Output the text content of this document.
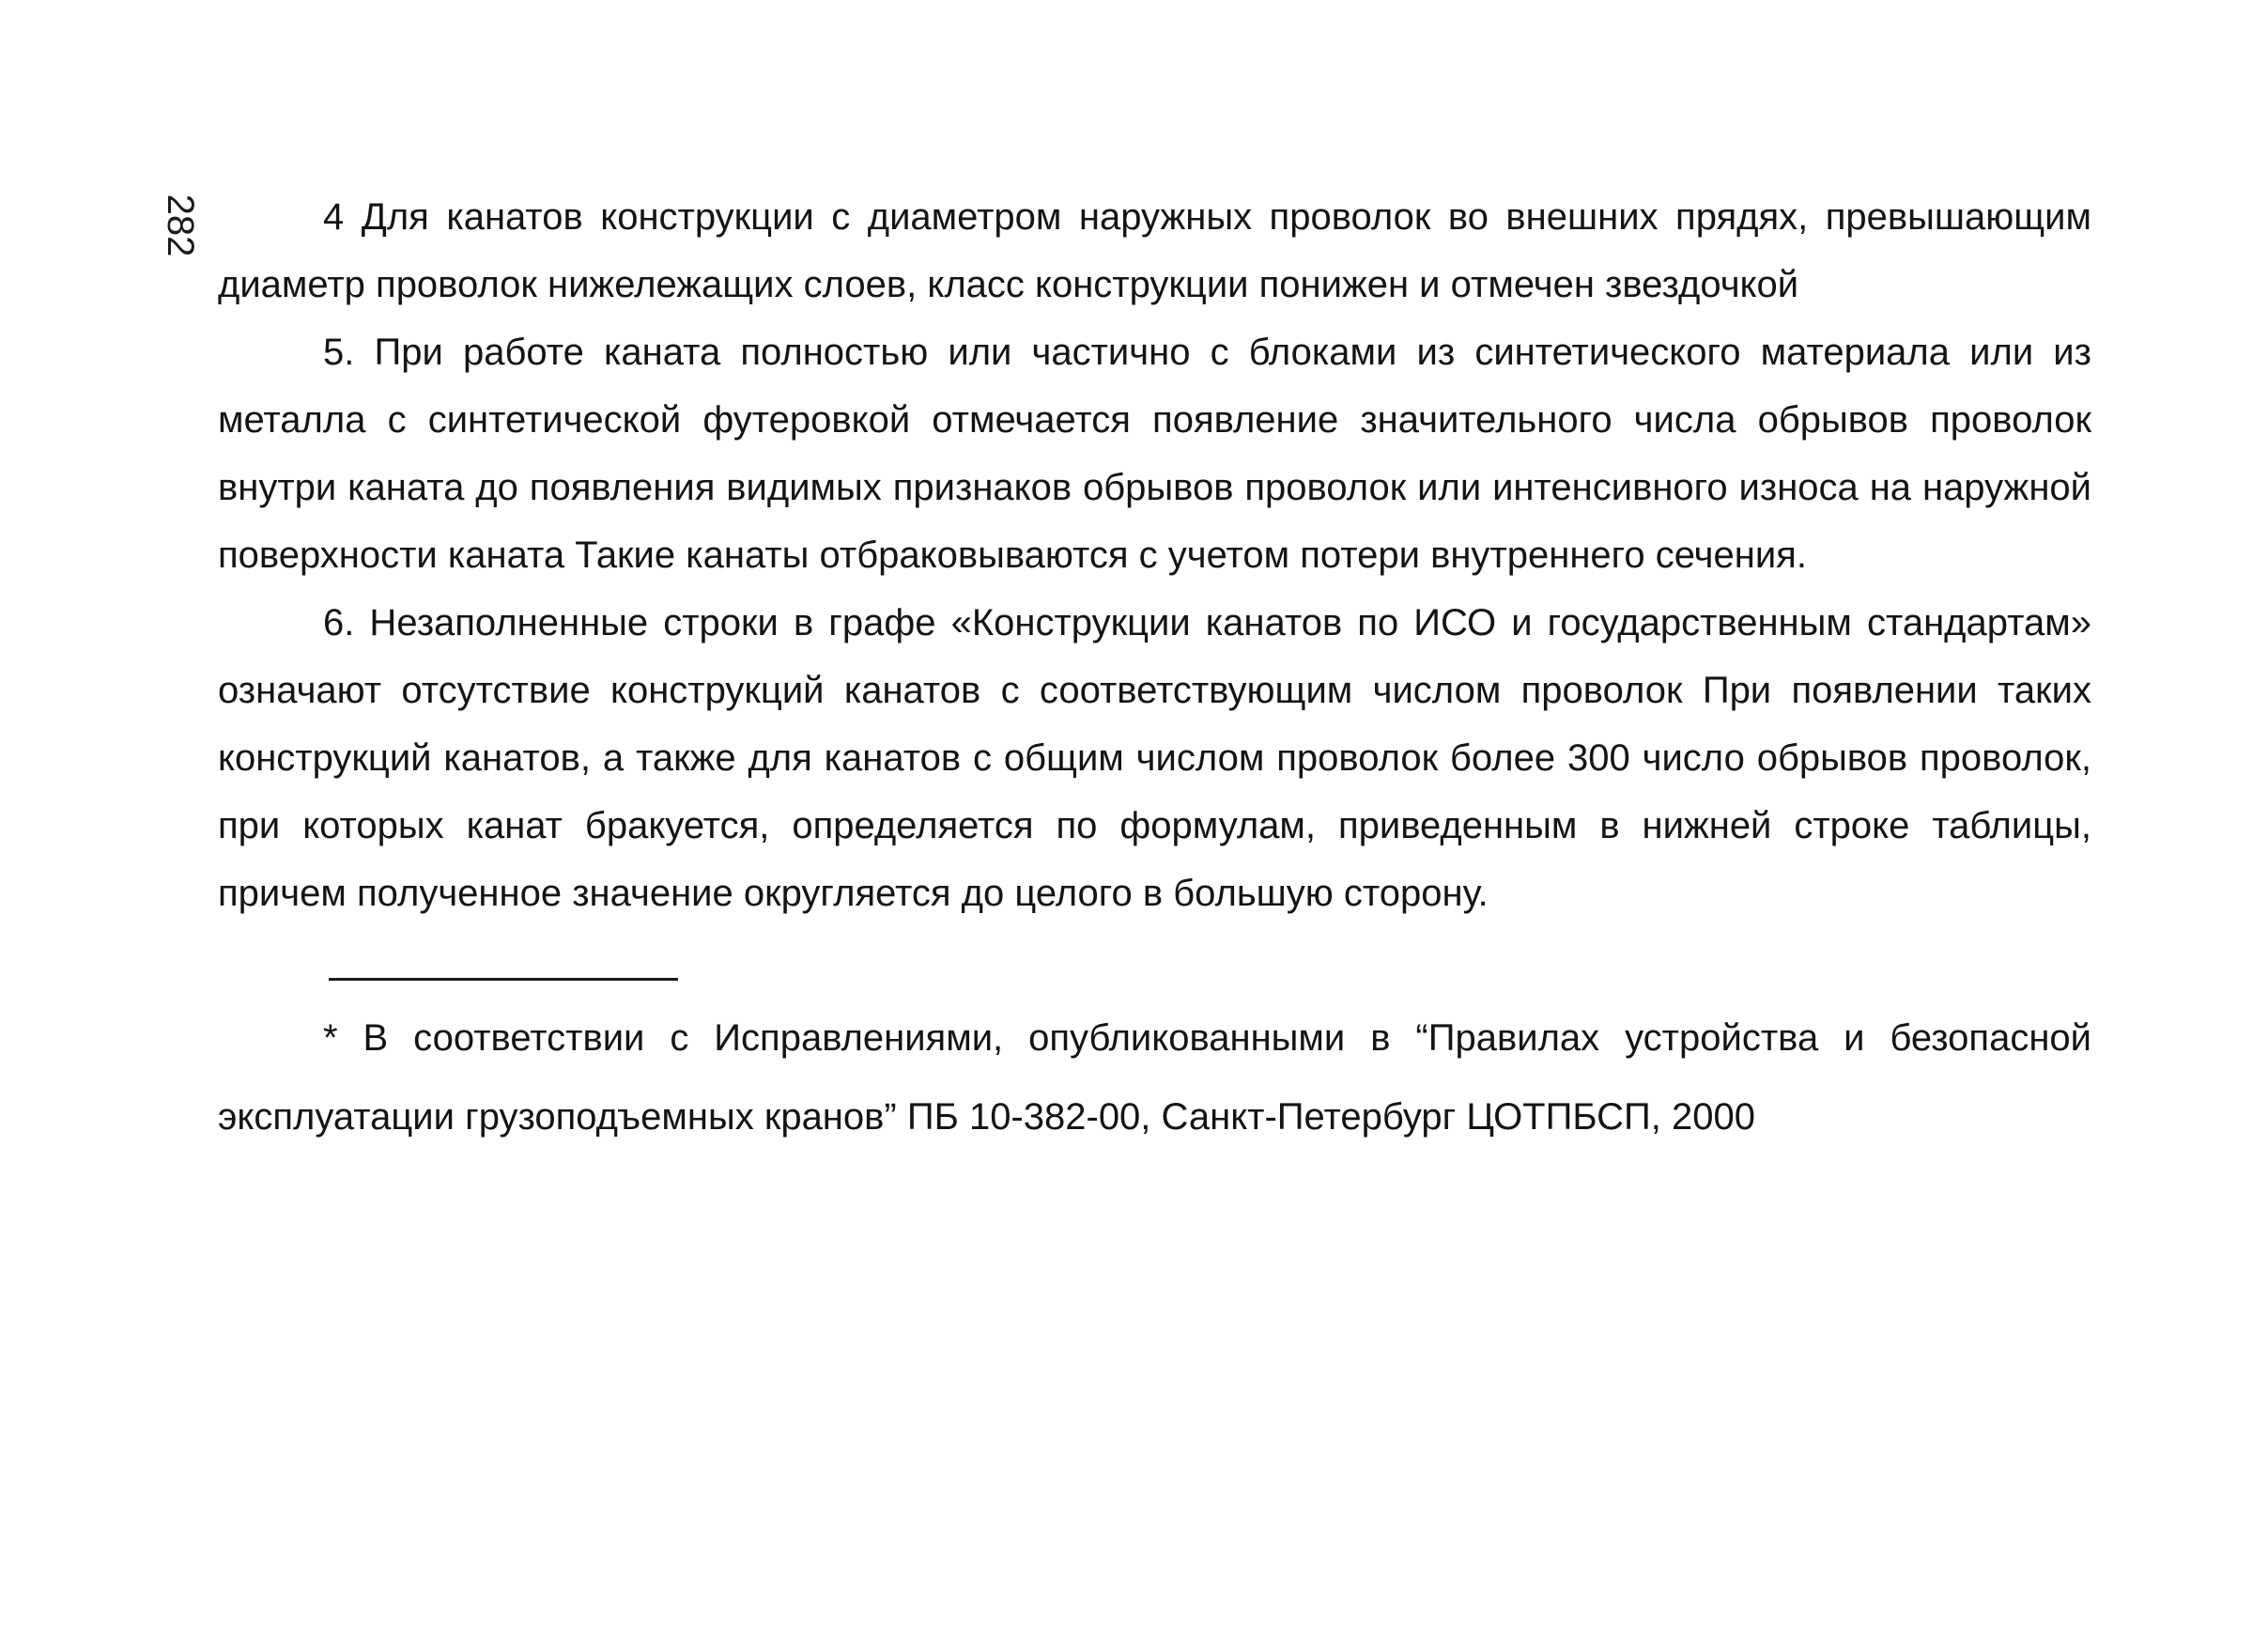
282	4 Для канатов конструкции с диаметром наружных проволок во внешних прядях, превышающим диаметр проволок нижележащих слоев, класс конструкции понижен и отмечен звездочкой

5. При работе каната полностью или частично с блоками из синтетического материала или из металла с синтетической футеровкой отмечается появление значительного числа обрывов проволок внутри каната до появления видимых признаков обрывов проволок или интенсивного износа на наружной поверхности каната Такие канаты отбраковываются с учетом потери внутреннего сечения.

6. Незаполненные строки в графе «Конструкции канатов по ИСО и государственным стандартам» означают отсутствие конструкций канатов с соответствующим числом проволок При появлении таких конструкций канатов, а также для канатов с общим числом проволок более 300 число обрывов проволок, при которых канат бракуется, определяется по формулам, приведенным в нижней строке таблицы, причем полученное значение округляется до целого в большую сторону.

* В соответствии с Исправлениями, опубликованными в “Правилах устройства и безопасной эксплуатации грузоподъемных кранов” ПБ 10-382-00, Санкт-Петербург ЦОТПБСП, 2000
